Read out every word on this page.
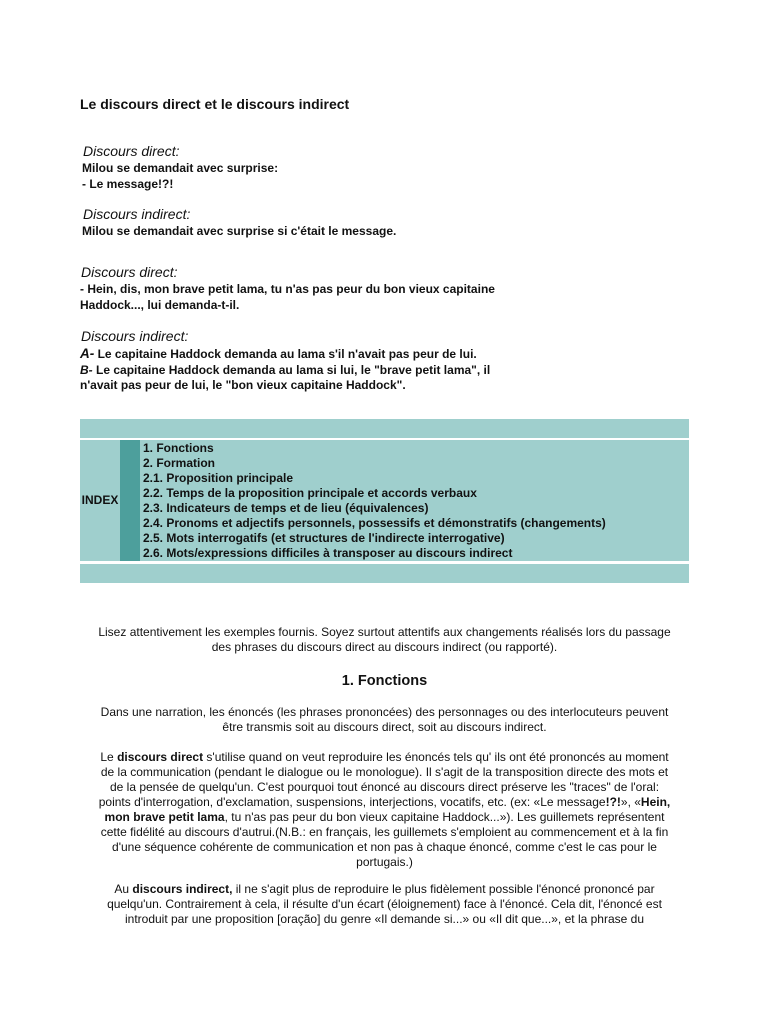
Le discours direct et le discours indirect
Discours direct:
Milou se demandait avec surprise:
- Le message!?!
Discours indirect:
Milou se demandait avec surprise si c'était le message.
Discours direct:
- Hein, dis, mon brave petit lama, tu n'as pas peur du bon vieux capitaine
Haddock..., lui demanda-t-il.
Discours indirect:
A- Le capitaine Haddock demanda au lama s'il n'avait pas peur de lui.
B- Le capitaine Haddock demanda au lama si lui, le "brave petit lama", il
n'avait pas peur de lui, le "bon vieux capitaine Haddock".
INDEX
1. Fonctions
2. Formation
2.1. Proposition principale
2.2. Temps de la proposition principale et accords verbaux
2.3. Indicateurs de temps et de lieu (équivalences)
2.4. Pronoms et adjectifs personnels, possessifs et démonstratifs (changements)
2.5. Mots interrogatifs (et structures de l'indirecte interrogative)
2.6. Mots/expressions difficiles à transposer au discours indirect
Lisez attentivement les exemples fournis. Soyez surtout attentifs aux changements réalisés lors du passage
des phrases du discours direct au discours indirect (ou rapporté).
1. Fonctions
Dans une narration, les énoncés (les phrases prononcées) des personnages ou des interlocuteurs peuvent
être transmis soit au discours direct, soit au discours indirect.
Le discours direct s'utilise quand on veut reproduire les énoncés tels qu' ils ont été prononcés au moment
de la communication (pendant le dialogue ou le monologue). Il s'agit de la transposition directe des mots et
de la pensée de quelqu'un. C'est pourquoi tout énoncé au discours direct préserve les "traces" de l'oral:
points d'interrogation, d'exclamation, suspensions, interjections, vocatifs, etc. (ex: «Le message!?!», «Hein,
mon brave petit lama, tu n'as pas peur du bon vieux capitaine Haddock...»). Les guillemets représentent
cette fidélité au discours d'autrui.(N.B.: en français, les guillemets s'emploient au commencement et à la fin
d'une séquence cohérente de communication et non pas à chaque énoncé, comme c'est le cas pour le
portugais.)
Au discours indirect, il ne s'agit plus de reproduire le plus fidèlement possible l'énoncé prononcé par
quelqu'un. Contrairement à cela, il résulte d'un écart (éloignement) face à l'énoncé. Cela dit, l'énoncé est
introduit par une proposition [oração] du genre «Il demande si...» ou «Il dit que...», et la phrase du
